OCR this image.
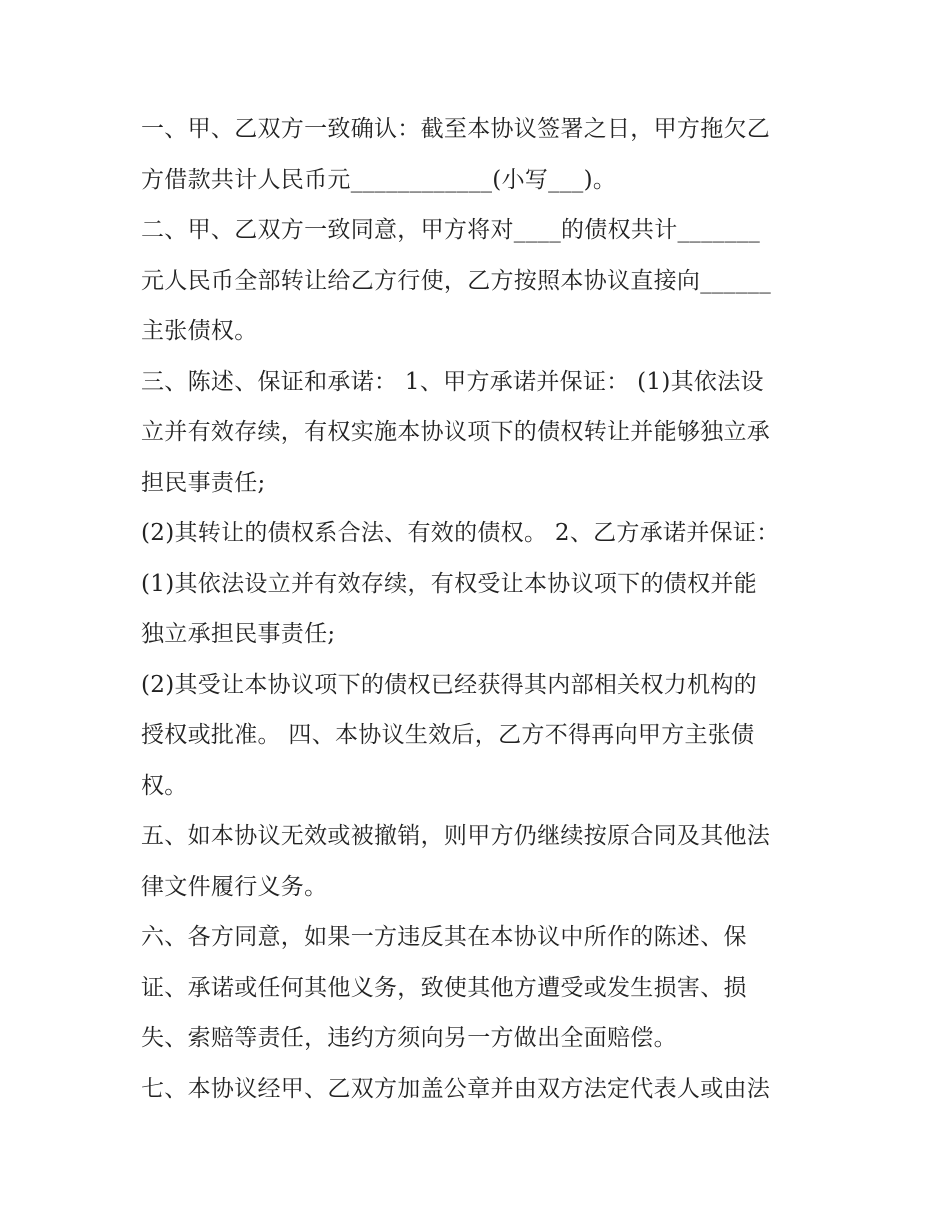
一、甲、乙双方一致确认：截至本协议签署之日，甲方拖欠乙
方借款共计人民币元____________(小写___)。
二、甲、乙双方一致同意，甲方将对____的债权共计_______
元人民币全部转让给乙方行使，乙方按照本协议直接向______
主张债权。
三、陈述、保证和承诺： 1、甲方承诺并保证： (1)其依法设
立并有效存续，有权实施本协议项下的债权转让并能够独立承
担民事责任;
(2)其转让的债权系合法、有效的债权。 2、乙方承诺并保证：
(1)其依法设立并有效存续，有权受让本协议项下的债权并能
独立承担民事责任;
(2)其受让本协议项下的债权已经获得其内部相关权力机构的
授权或批准。 四、本协议生效后，乙方不得再向甲方主张债
权。
五、如本协议无效或被撤销，则甲方仍继续按原合同及其他法
律文件履行义务。
六、各方同意，如果一方违反其在本协议中所作的陈述、保
证、承诺或任何其他义务，致使其他方遭受或发生损害、损
失、索赔等责任，违约方须向另一方做出全面赔偿。
七、本协议经甲、乙双方加盖公章并由双方法定代表人或由法
